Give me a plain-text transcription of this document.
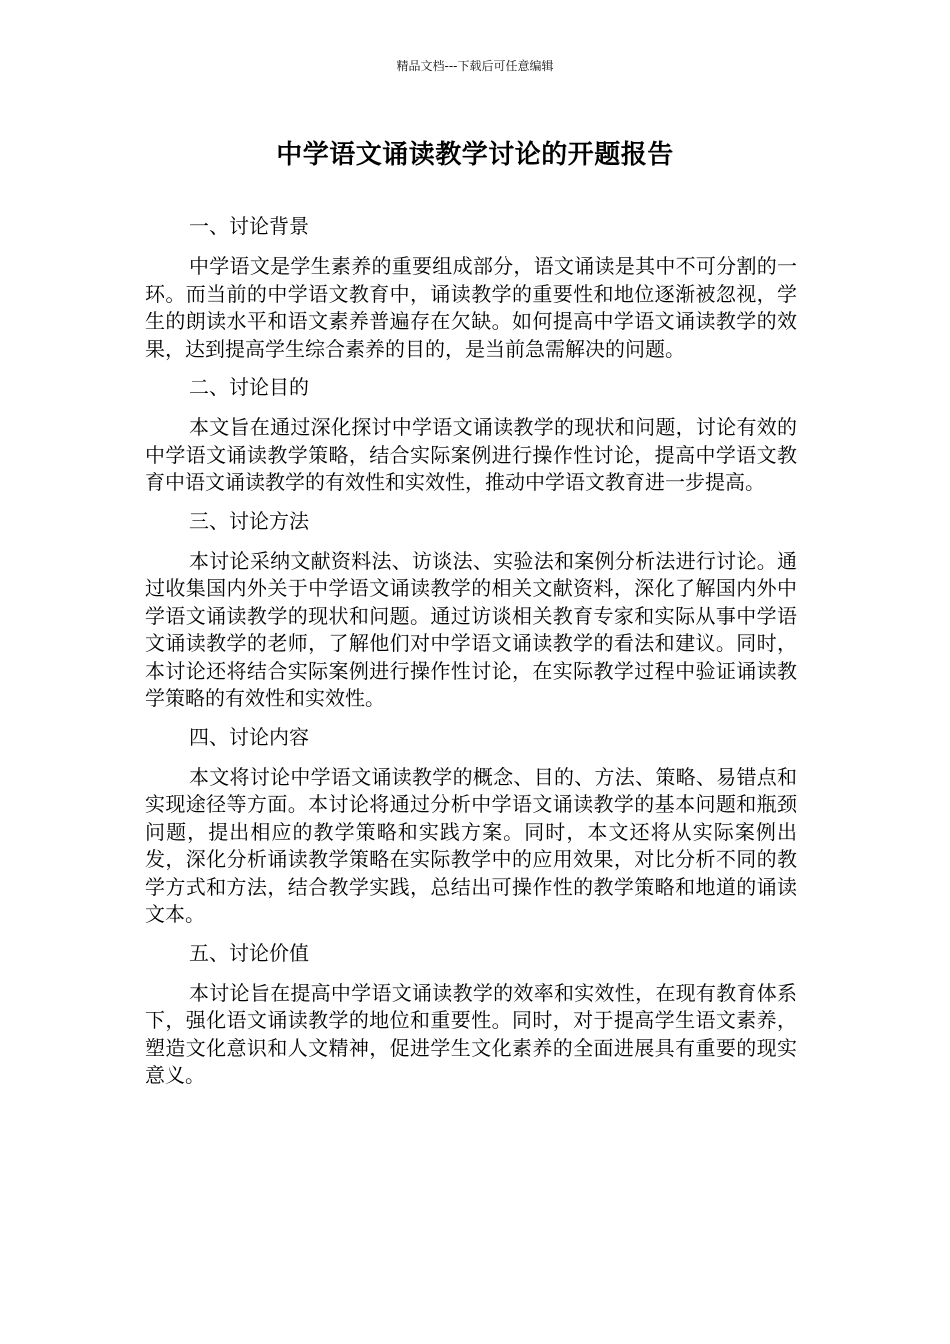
精品文档---下载后可任意编辑
中学语文诵读教学讨论的开题报告
一、讨论背景

中学语文是学生素养的重要组成部分，语文诵读是其中不可分割的一环。而当前的中学语文教育中，诵读教学的重要性和地位逐渐被忽视，学生的朗读水平和语文素养普遍存在欠缺。如何提高中学语文诵读教学的效果，达到提高学生综合素养的目的，是当前急需解决的问题。

二、讨论目的

本文旨在通过深化探讨中学语文诵读教学的现状和问题，讨论有效的中学语文诵读教学策略，结合实际案例进行操作性讨论，提高中学语文教育中语文诵读教学的有效性和实效性，推动中学语文教育进一步提高。

三、讨论方法

本讨论采纳文献资料法、访谈法、实验法和案例分析法进行讨论。通过收集国内外关于中学语文诵读教学的相关文献资料，深化了解国内外中学语文诵读教学的现状和问题。通过访谈相关教育专家和实际从事中学语文诵读教学的老师，了解他们对中学语文诵读教学的看法和建议。同时，本讨论还将结合实际案例进行操作性讨论，在实际教学过程中验证诵读教学策略的有效性和实效性。

四、讨论内容

本文将讨论中学语文诵读教学的概念、目的、方法、策略、易错点和实现途径等方面。本讨论将通过分析中学语文诵读教学的基本问题和瓶颈问题，提出相应的教学策略和实践方案。同时，本文还将从实际案例出发，深化分析诵读教学策略在实际教学中的应用效果，对比分析不同的教学方式和方法，结合教学实践，总结出可操作性的教学策略和地道的诵读文本。

五、讨论价值

本讨论旨在提高中学语文诵读教学的效率和实效性，在现有教育体系下，强化语文诵读教学的地位和重要性。同时，对于提高学生语文素养，塑造文化意识和人文精神，促进学生文化素养的全面进展具有重要的现实意义。
